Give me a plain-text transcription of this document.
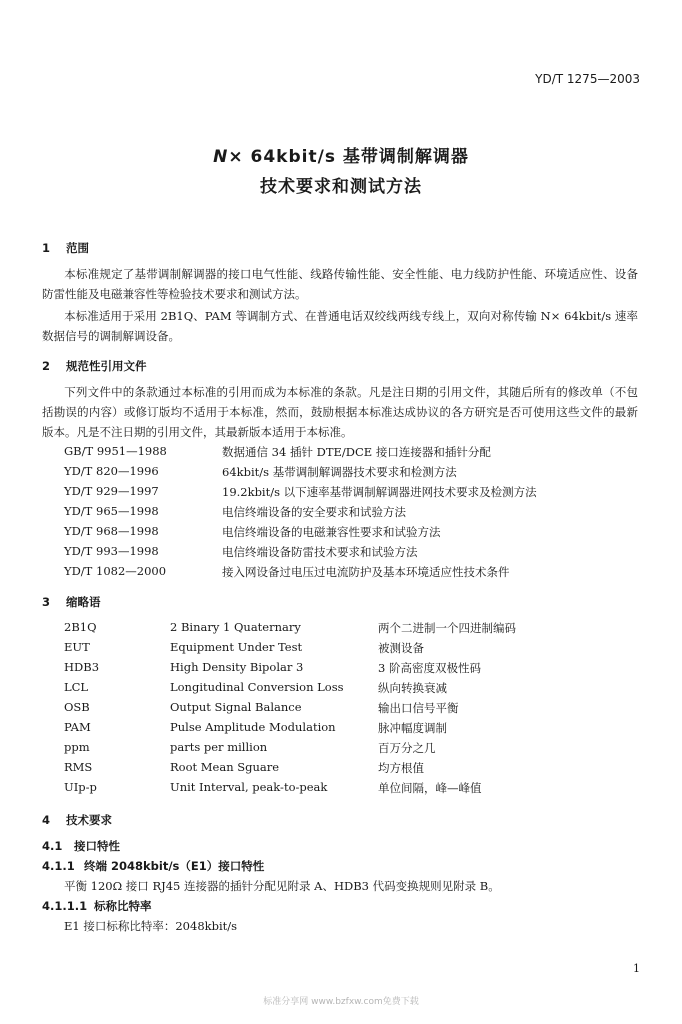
YD/T 1275—2003
N× 64kbit/s 基带调制解调器
技术要求和测试方法
1 范围
本标准规定了基带调制解调器的接口电气性能、线路传输性能、安全性能、电力线防护性能、环境适应性、设备防雷性能及电磁兼容性等检验技术要求和测试方法。
本标准适用于采用 2B1Q、PAM 等调制方式、在普通电话双绞线两线专线上，双向对称传输 N× 64kbit/s 速率数据信号的调制解调设备。
2 规范性引用文件
下列文件中的条款通过本标准的引用而成为本标准的条款。凡是注日期的引用文件，其随后所有的修改单（不包括勘误的内容）或修订版均不适用于本标准，然而，鼓励根据本标准达成协议的各方研究是否可使用这些文件的最新版本。凡是不注日期的引用文件，其最新版本适用于本标准。
GB/T 9951—1988	数据通信 34 插针 DTE/DCE 接口连接器和插针分配
YD/T 820—1996	64kbit/s 基带调制解调器技术要求和检测方法
YD/T 929—1997	19.2kbit/s 以下速率基带调制解调器进网技术要求及检测方法
YD/T 965—1998	电信终端设备的安全要求和试验方法
YD/T 968—1998	电信终端设备的电磁兼容性要求和试验方法
YD/T 993—1998	电信终端设备防雷技术要求和试验方法
YD/T 1082—2000	接入网设备过电压过电流防护及基本环境适应性技术条件
3 缩略语
2B1Q	2 Binary 1 Quaternary	两个二进制一个四进制编码
EUT	Equipment Under Test	被测设备
HDB3	High Density Bipolar 3	3 阶高密度双极性码
LCL	Longitudinal Conversion Loss	纵向转换衰减
OSB	Output Signal Balance	输出口信号平衡
PAM	Pulse Amplitude Modulation	脉冲幅度调制
ppm	parts per million	百万分之几
RMS	Root Mean Sguare	均方根值
UIp-p	Unit Interval, peak-to-peak	单位间隔，峰—峰值
4 技术要求
4.1 接口特性
4.1.1 终端 2048kbit/s（E1）接口特性
平衡 120Ω 接口 RJ45 连接器的插针分配见附录 A、HDB3 代码变换规则见附录 B。
4.1.1.1 标称比特率
E1 接口标称比特率：2048kbit/s
1
标准分享网 www.bzfxw.com免费下载
